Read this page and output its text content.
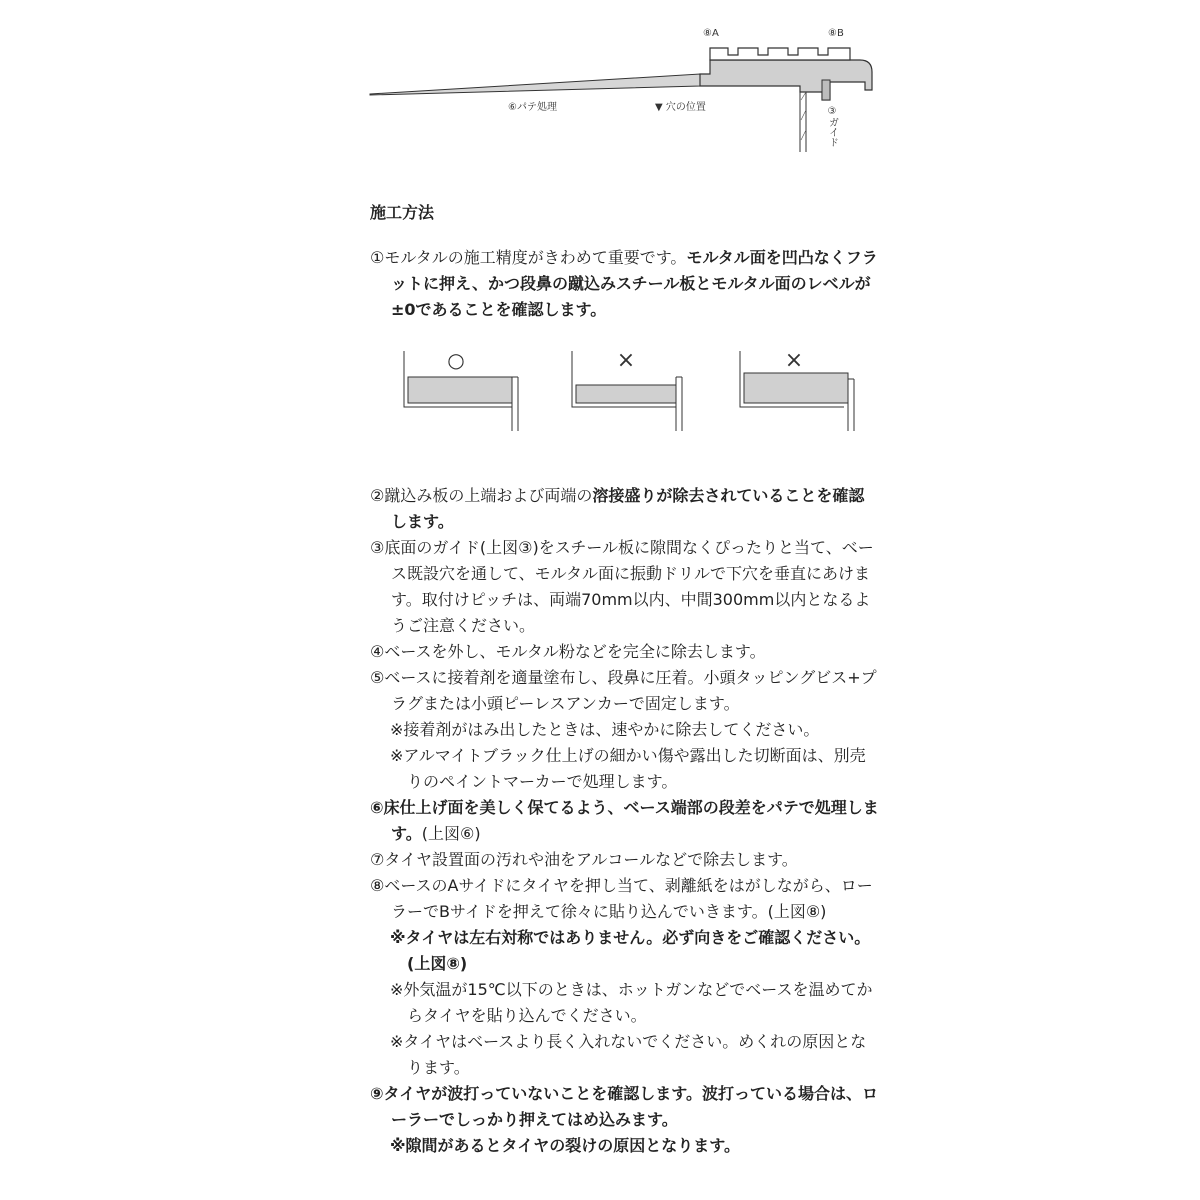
⑧A	⑧B
⑥パテ処理	▼ 穴の位置	③ガイド
施工方法

①モルタルの施工精度がきわめて重要です。モルタル面を凹凸なくフラットに押え、かつ段鼻の蹴込みスチール板とモルタル面のレベルが±0であることを確認します。

○	×	×

②蹴込み板の上端および両端の溶接盛りが除去されていることを確認します。

③底面のガイド(上図③)をスチール板に隙間なくぴったりと当て、ベース既設穴を通して、モルタル面に振動ドリルで下穴を垂直にあけます。取付けピッチは、両端70mm以内、中間300mm以内となるようご注意ください。

④ベースを外し、モルタル粉などを完全に除去します。

⑤ベースに接着剤を適量塗布し、段鼻に圧着。小頭タッピングビス+プラグまたは小頭ピーレスアンカーで固定します。

※接着剤がはみ出したときは、速やかに除去してください。

※アルマイトブラック仕上げの細かい傷や露出した切断面は、別売りのペイントマーカーで処理します。

⑥床仕上げ面を美しく保てるよう、ベース端部の段差をパテで処理します。(上図⑥)

⑦タイヤ設置面の汚れや油をアルコールなどで除去します。

⑧ベースのAサイドにタイヤを押し当て、剥離紙をはがしながら、ローラーでBサイドを押えて徐々に貼り込んでいきます。(上図⑧)

※タイヤは左右対称ではありません。必ず向きをご確認ください。(上図⑧)

※外気温が15℃以下のときは、ホットガンなどでベースを温めてからタイヤを貼り込んでください。

※タイヤはベースより長く入れないでください。めくれの原因となります。

⑨タイヤが波打っていないことを確認します。波打っている場合は、ローラーでしっかり押えてはめ込みます。

※隙間があるとタイヤの裂けの原因となります。
